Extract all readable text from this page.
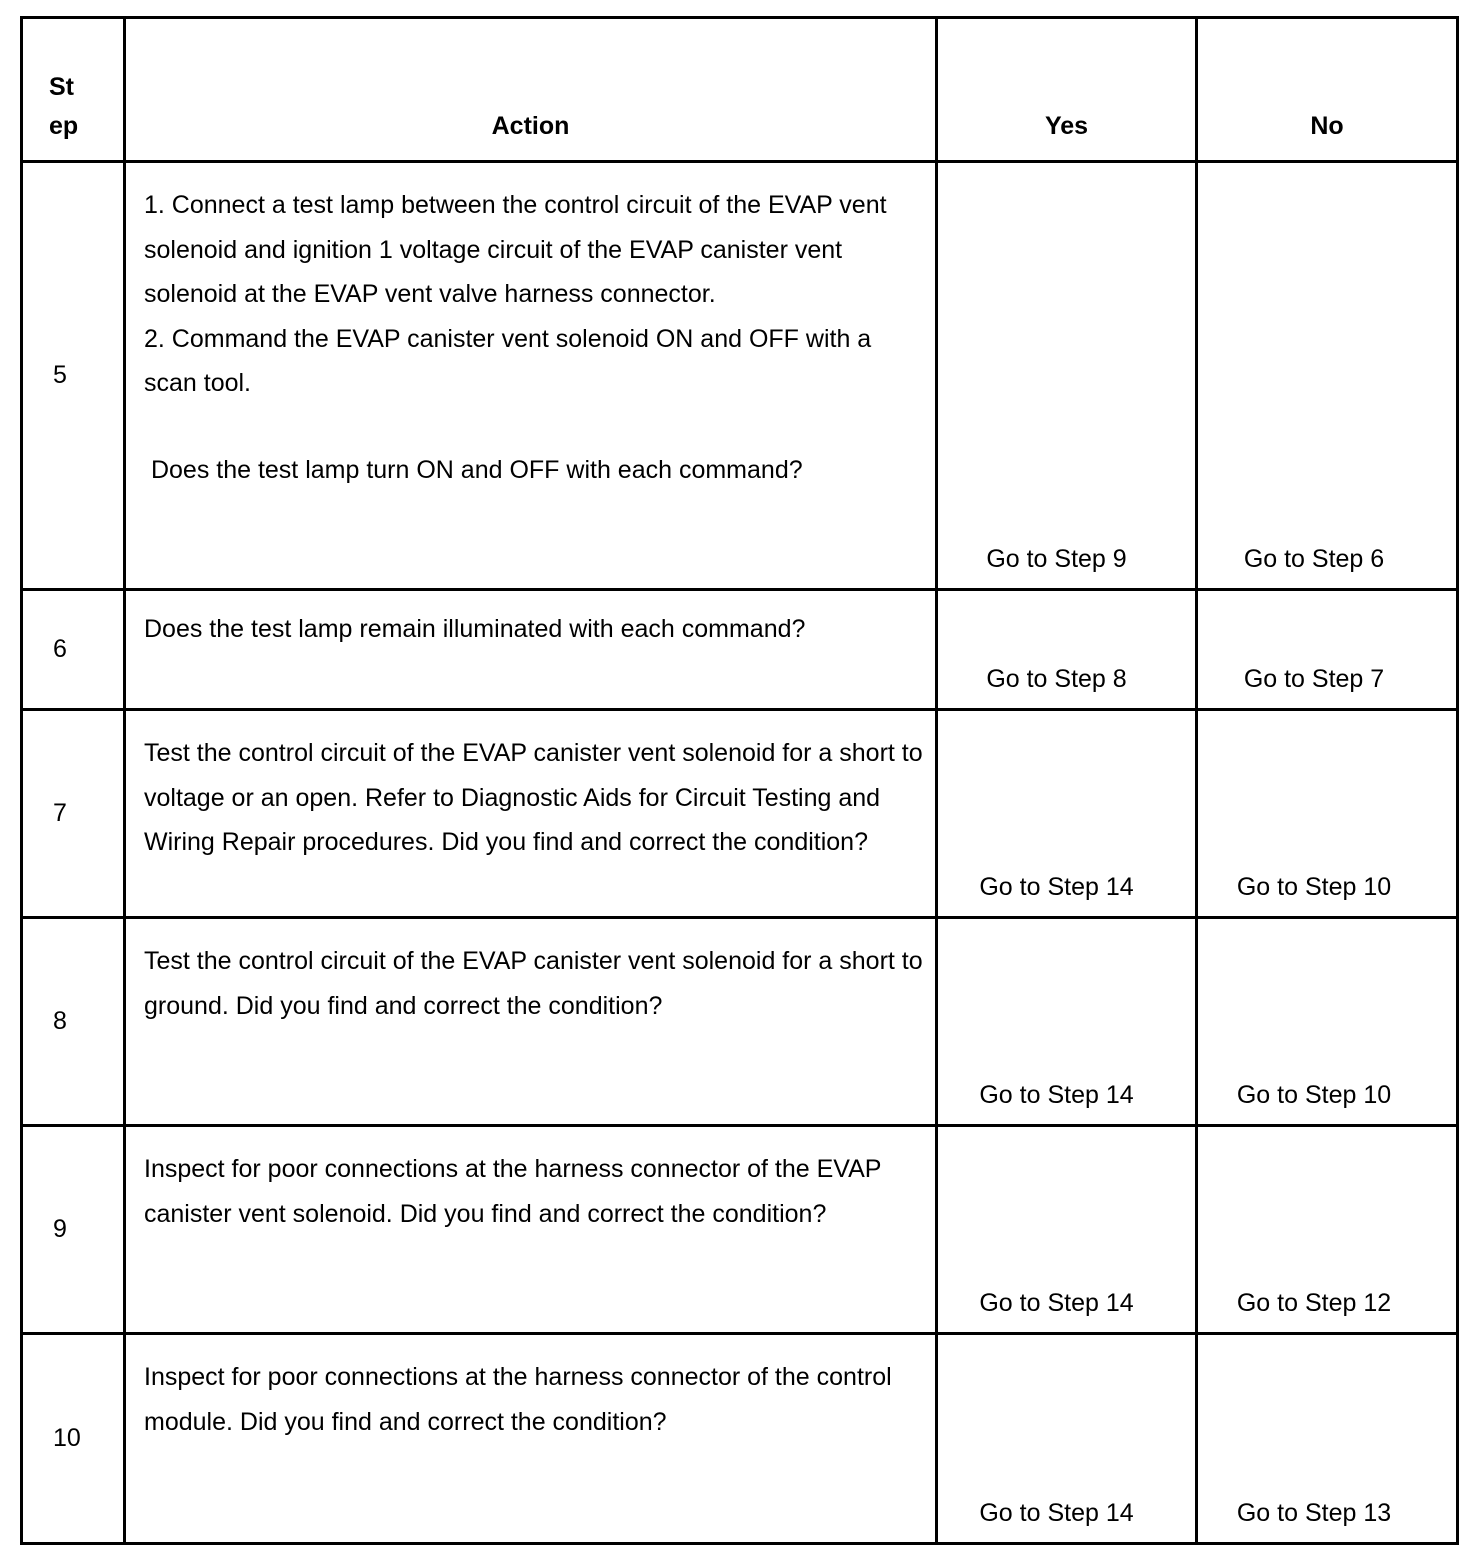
St
ep	Action	Yes	No
5	1. Connect a test lamp between the control circuit of the EVAP vent solenoid and ignition 1 voltage circuit of the EVAP canister vent solenoid at the EVAP vent valve harness connector.

2. Command the EVAP canister vent solenoid ON and OFF with a scan tool.

Does the test lamp turn ON and OFF with each command?	Go to Step 9	Go to Step 6
6	Does the test lamp remain illuminated with each command?	Go to Step 8	Go to Step 7
7	Test the control circuit of the EVAP canister vent solenoid for a short to voltage or an open. Refer to Diagnostic Aids for Circuit Testing and Wiring Repair procedures. Did you find and correct the condition?	Go to Step 14	Go to Step 10
8	Test the control circuit of the EVAP canister vent solenoid for a short to ground. Did you find and correct the condition?	Go to Step 14	Go to Step 10
9	Inspect for poor connections at the harness connector of the EVAP canister vent solenoid. Did you find and correct the condition?	Go to Step 14	Go to Step 12
10	Inspect for poor connections at the harness connector of the control module. Did you find and correct the condition?	Go to Step 14	Go to Step 13
